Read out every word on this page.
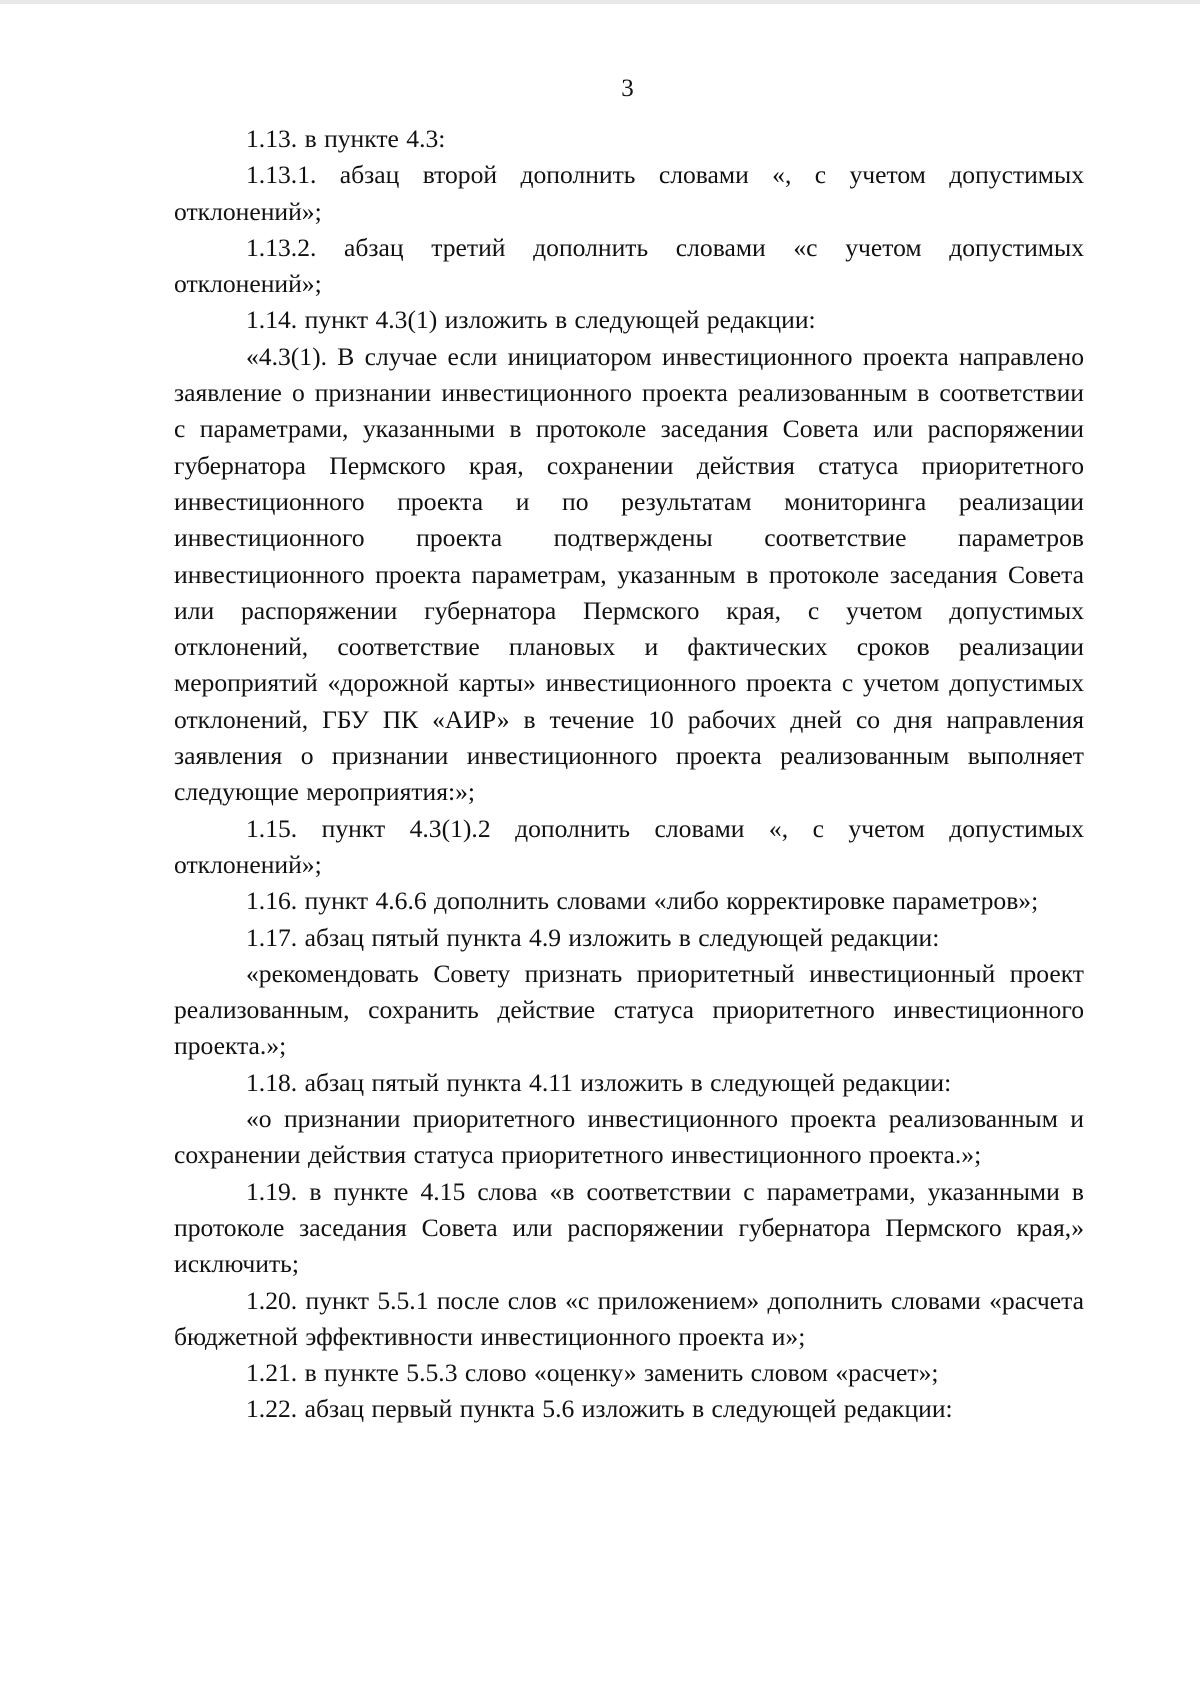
3

1.13. в пункте 4.3:

1.13.1. абзац второй дополнить словами «, с учетом допустимых отклонений»;

1.13.2. абзац третий дополнить словами «с учетом допустимых отклонений»;

1.14. пункт 4.3(1) изложить в следующей редакции:

«4.3(1). В случае если инициатором инвестиционного проекта направлено заявление о признании инвестиционного проекта реализованным в соответствии с параметрами, указанными в протоколе заседания Совета или распоряжении губернатора Пермского края, сохранении действия статуса приоритетного инвестиционного проекта и по результатам мониторинга реализации инвестиционного проекта подтверждены соответствие параметров инвестиционного проекта параметрам, указанным в протоколе заседания Совета или распоряжении губернатора Пермского края, с учетом допустимых отклонений, соответствие плановых и фактических сроков реализации мероприятий «дорожной карты» инвестиционного проекта с учетом допустимых отклонений, ГБУ ПК «АИР» в течение 10 рабочих дней со дня направления заявления о признании инвестиционного проекта реализованным выполняет следующие мероприятия:»;

1.15. пункт 4.3(1).2 дополнить словами «, с учетом допустимых отклонений»;

1.16. пункт 4.6.6 дополнить словами «либо корректировке параметров»;

1.17. абзац пятый пункта 4.9 изложить в следующей редакции:

«рекомендовать Совету признать приоритетный инвестиционный проект реализованным, сохранить действие статуса приоритетного инвестиционного проекта.»;

1.18. абзац пятый пункта 4.11 изложить в следующей редакции:

«о признании приоритетного инвестиционного проекта реализованным и сохранении действия статуса приоритетного инвестиционного проекта.»;

1.19. в пункте 4.15 слова «в соответствии с параметрами, указанными в протоколе заседания Совета или распоряжении губернатора Пермского края,» исключить;

1.20. пункт 5.5.1 после слов «с приложением» дополнить словами «расчета бюджетной эффективности инвестиционного проекта и»;

1.21. в пункте 5.5.3 слово «оценку» заменить словом «расчет»;

1.22. абзац первый пункта 5.6 изложить в следующей редакции:
